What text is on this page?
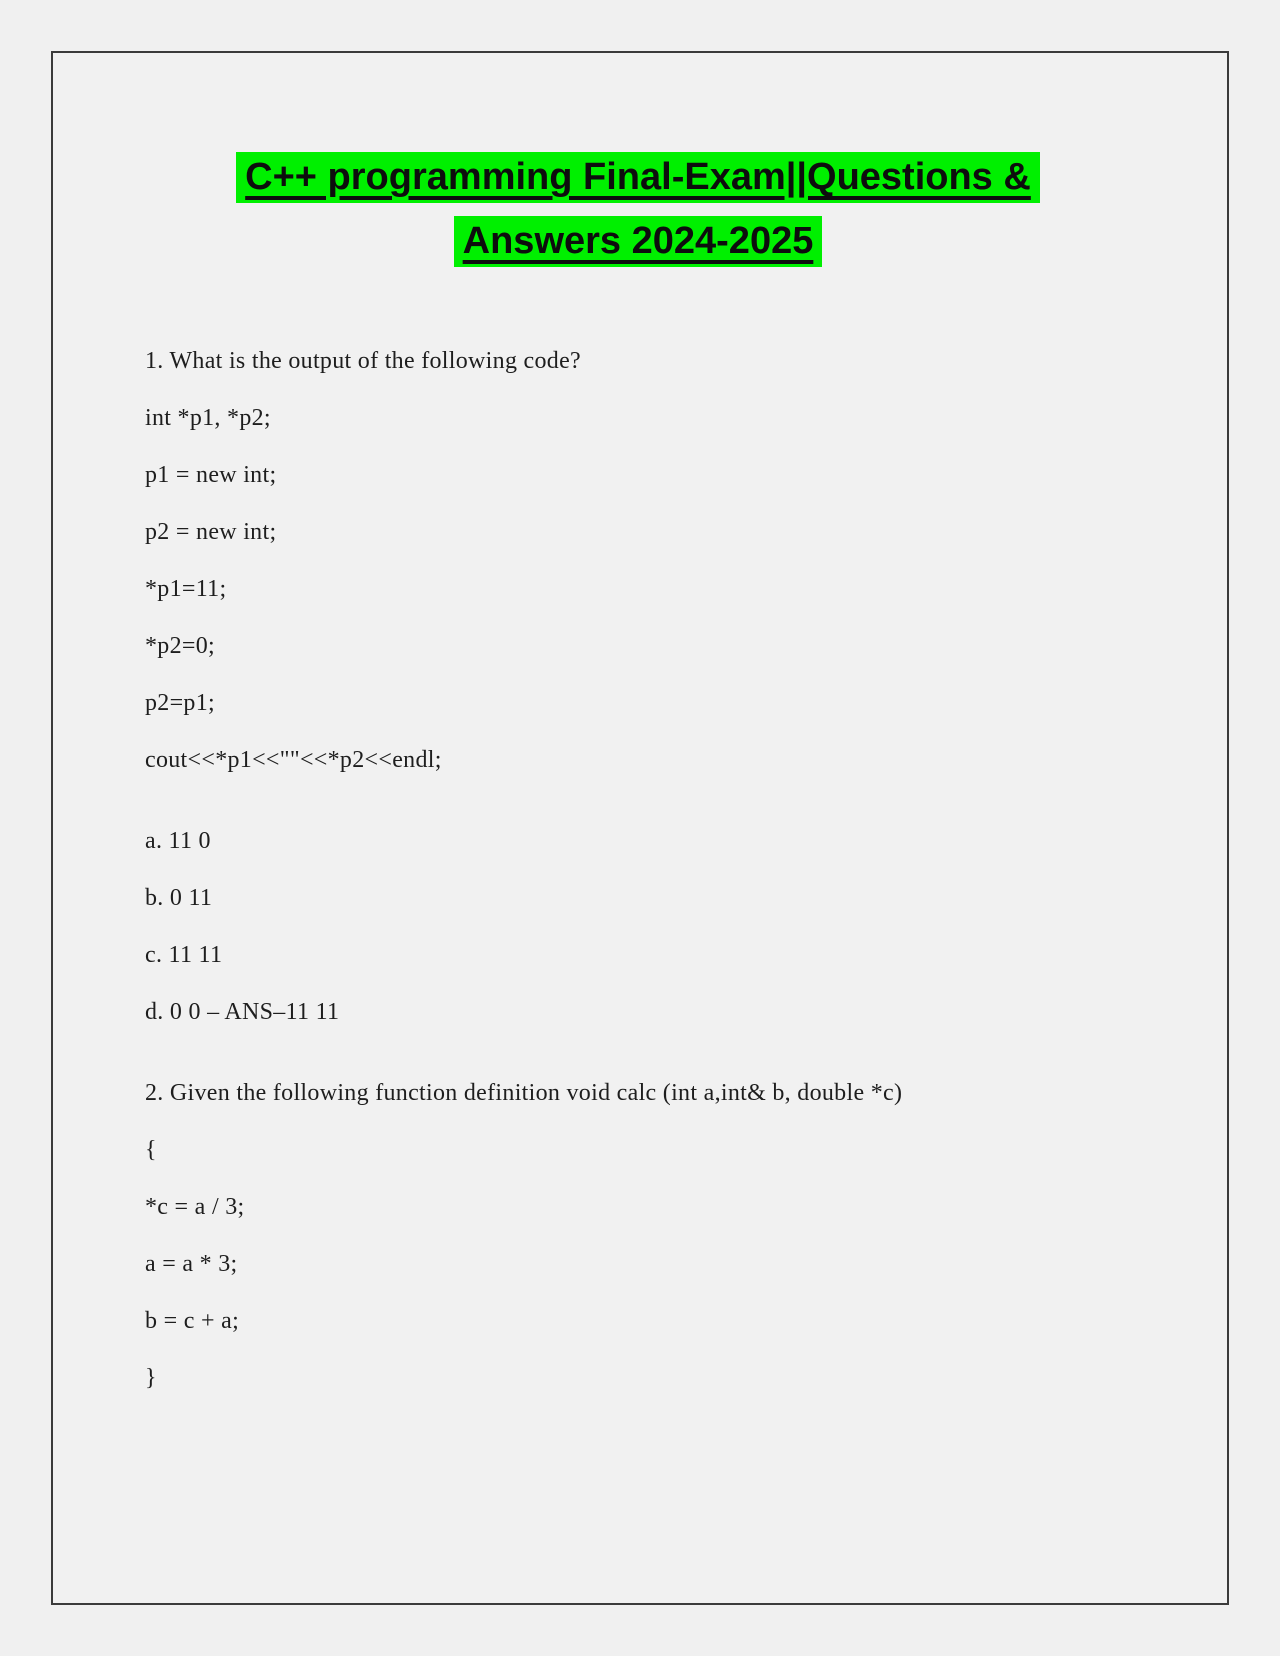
C++ programming Final-Exam||Questions &
Answers 2024-2025

1. What is the output of the following code?

int *p1, *p2;

p1 = new int;

p2 = new int;

*p1=11;

*p2=0;

p2=p1;

cout<<*p1<<""<<*p2<<endl;

a. 11 0

b. 0 11

c. 11 11

d. 0 0 – ANS–11 11

2. Given the following function definition void calc (int a,int& b, double *c)

{

*c = a / 3;

a = a * 3;

b = c + a;

}
